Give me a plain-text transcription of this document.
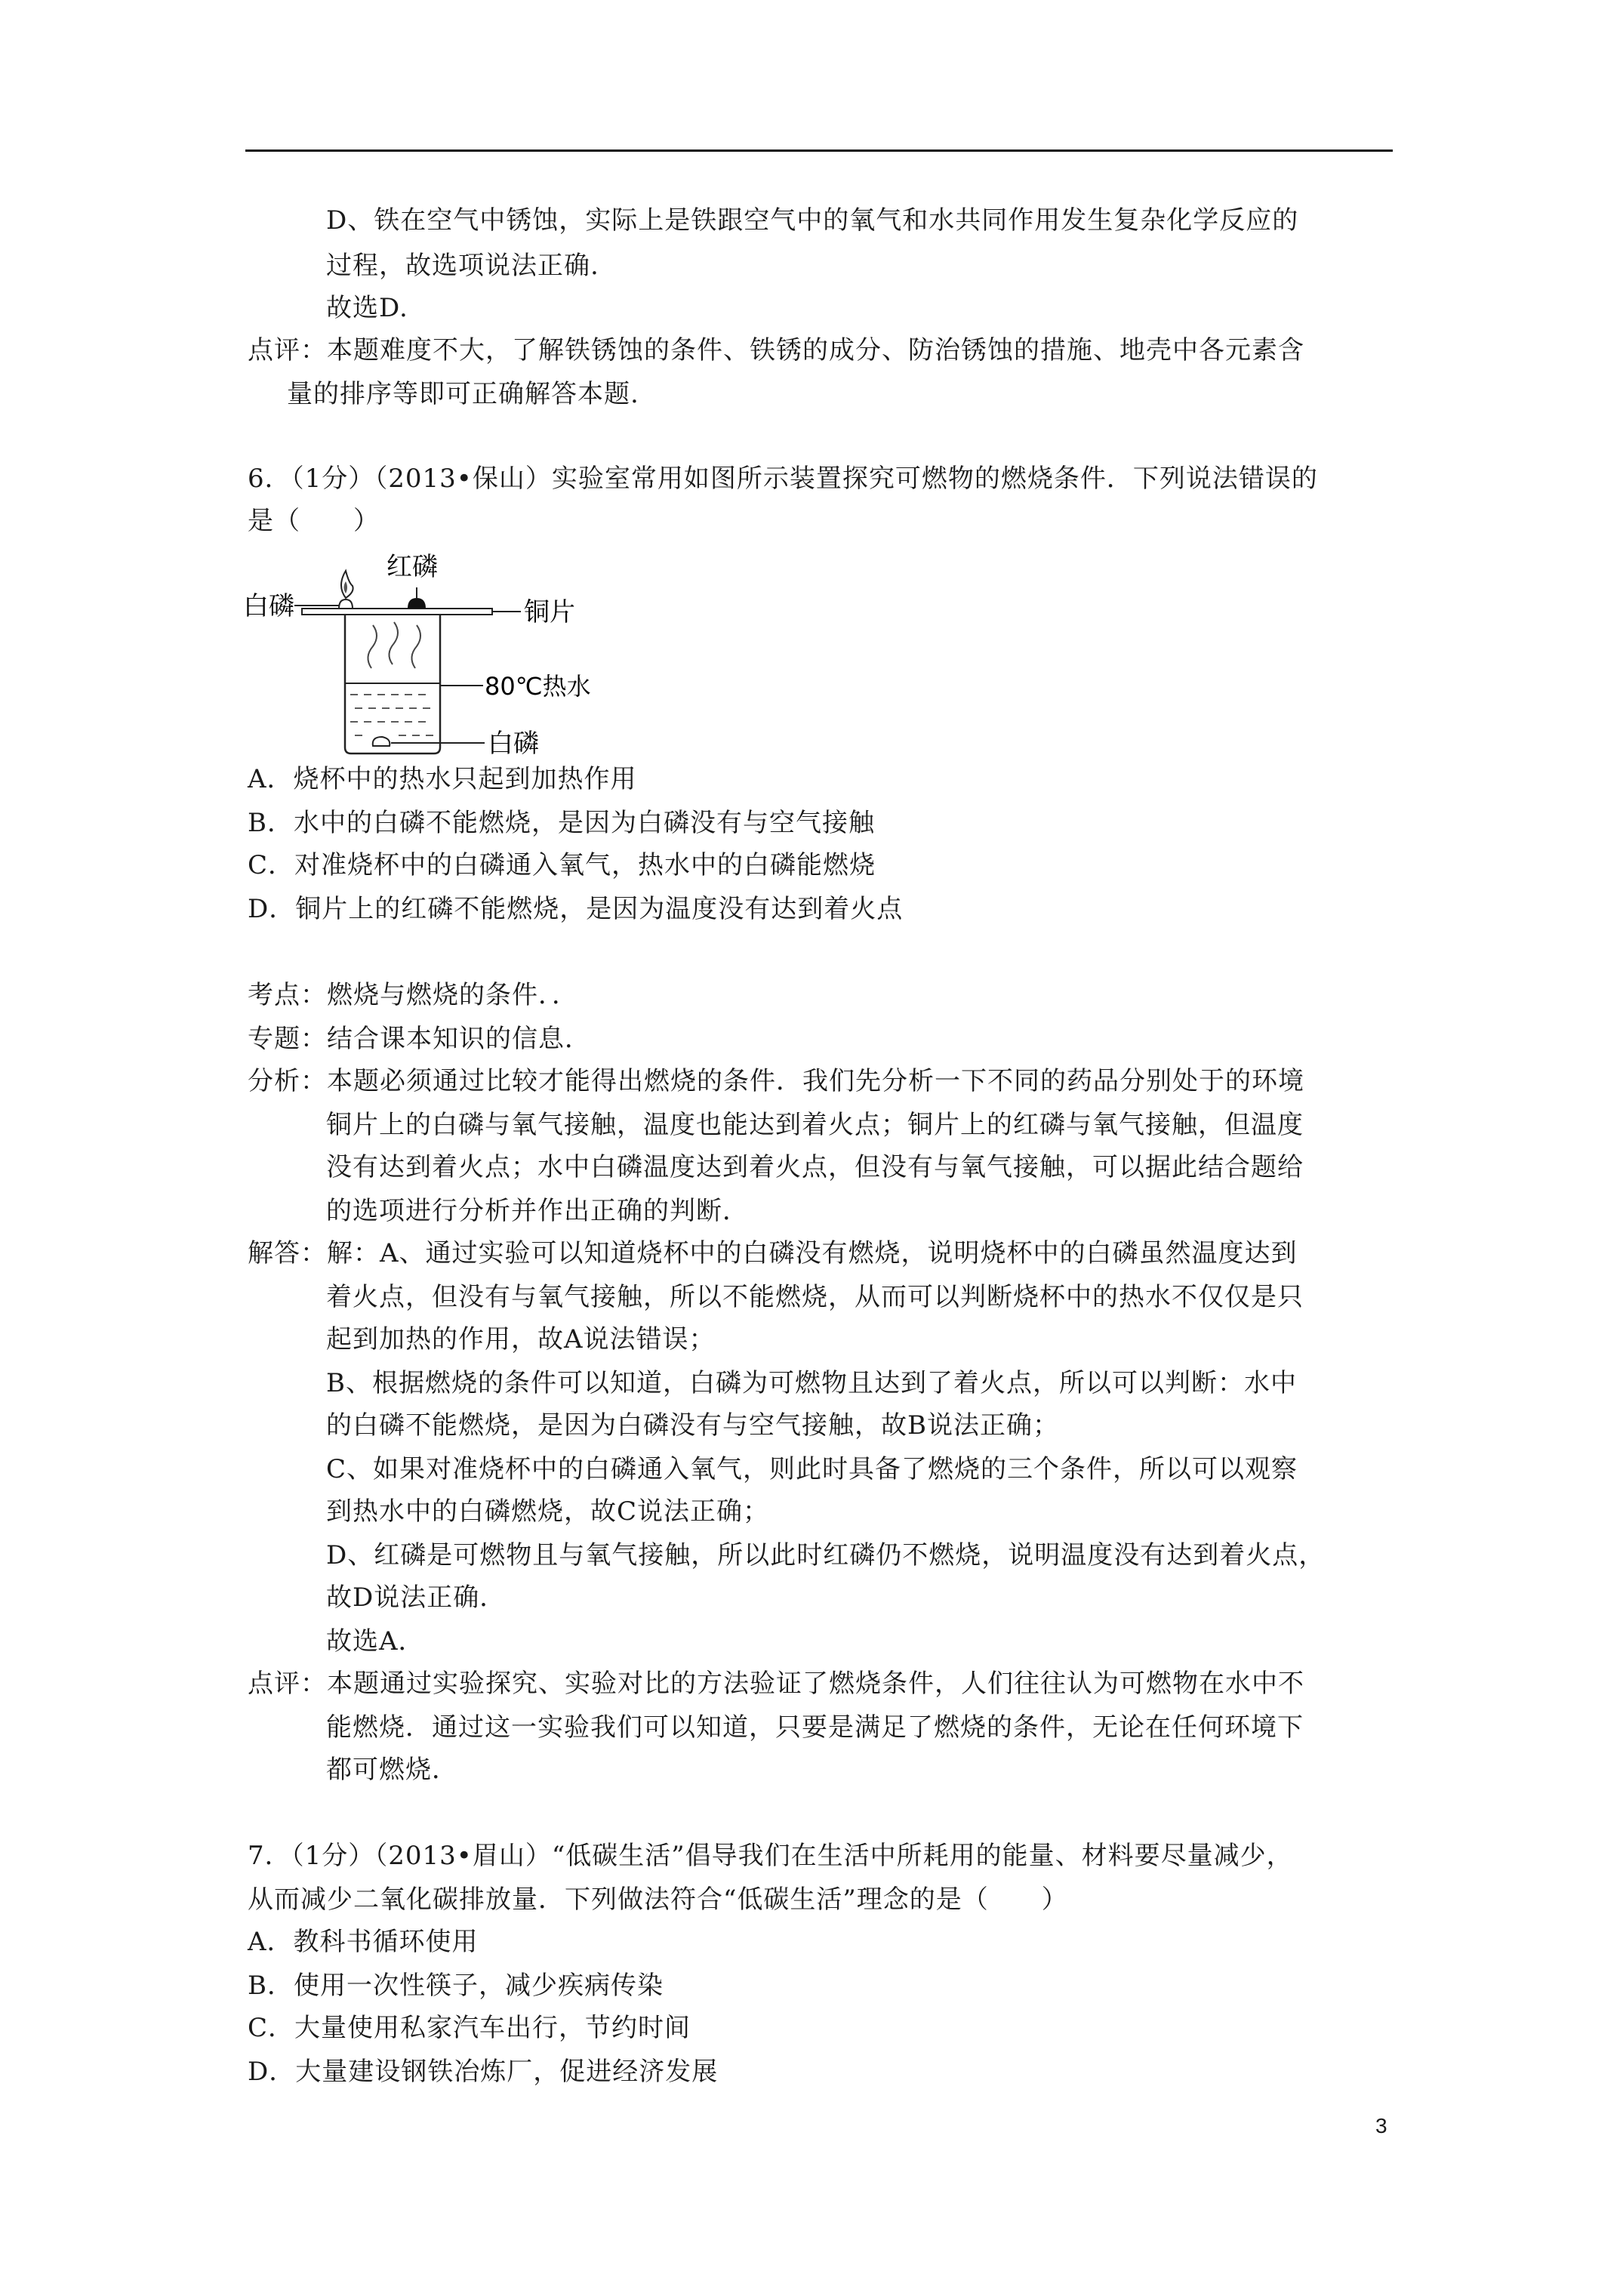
D、铁在空气中锈蚀，实际上是铁跟空气中的氧气和水共同作用发生复杂化学反应的
过程，故选项说法正确.
故选D.
点评：本题难度不大，了解铁锈蚀的条件、铁锈的成分、防治锈蚀的措施、地壳中各元素含
量的排序等即可正确解答本题.
6．（1分）（2013•保山）实验室常用如图所示装置探究可燃物的燃烧条件．下列说法错误的
是（　　）
红磷
白磷	铜片
80℃热水
白磷
A．烧杯中的热水只起到加热作用
B．水中的白磷不能燃烧，是因为白磷没有与空气接触
C．对准烧杯中的白磷通入氧气，热水中的白磷能燃烧
D．铜片上的红磷不能燃烧，是因为温度没有达到着火点
考点：燃烧与燃烧的条件．．
专题：结合课本知识的信息．
分析：本题必须通过比较才能得出燃烧的条件．我们先分析一下不同的药品分别处于的环境
铜片上的白磷与氧气接触，温度也能达到着火点；铜片上的红磷与氧气接触，但温度
没有达到着火点；水中白磷温度达到着火点，但没有与氧气接触，可以据此结合题给
的选项进行分析并作出正确的判断．
解答：解：A、通过实验可以知道烧杯中的白磷没有燃烧，说明烧杯中的白磷虽然温度达到
着火点，但没有与氧气接触，所以不能燃烧，从而可以判断烧杯中的热水不仅仅是只
起到加热的作用，故A说法错误；
B、根据燃烧的条件可以知道，白磷为可燃物且达到了着火点，所以可以判断：水中
的白磷不能燃烧，是因为白磷没有与空气接触，故B说法正确；
C、如果对准烧杯中的白磷通入氧气，则此时具备了燃烧的三个条件，所以可以观察
到热水中的白磷燃烧，故C说法正确；
D、红磷是可燃物且与氧气接触，所以此时红磷仍不燃烧，说明温度没有达到着火点，
故D说法正确．
故选A．
点评：本题通过实验探究、实验对比的方法验证了燃烧条件，人们往往认为可燃物在水中不
能燃烧．通过这一实验我们可以知道，只要是满足了燃烧的条件，无论在任何环境下
都可燃烧．
7．（1分）（2013•眉山）“低碳生活”倡导我们在生活中所耗用的能量、材料要尽量减少，
从而减少二氧化碳排放量．下列做法符合“低碳生活”理念的是（　　）
A．教科书循环使用
B．使用一次性筷子，减少疾病传染
C．大量使用私家汽车出行，节约时间
D．大量建设钢铁冶炼厂，促进经济发展
3
